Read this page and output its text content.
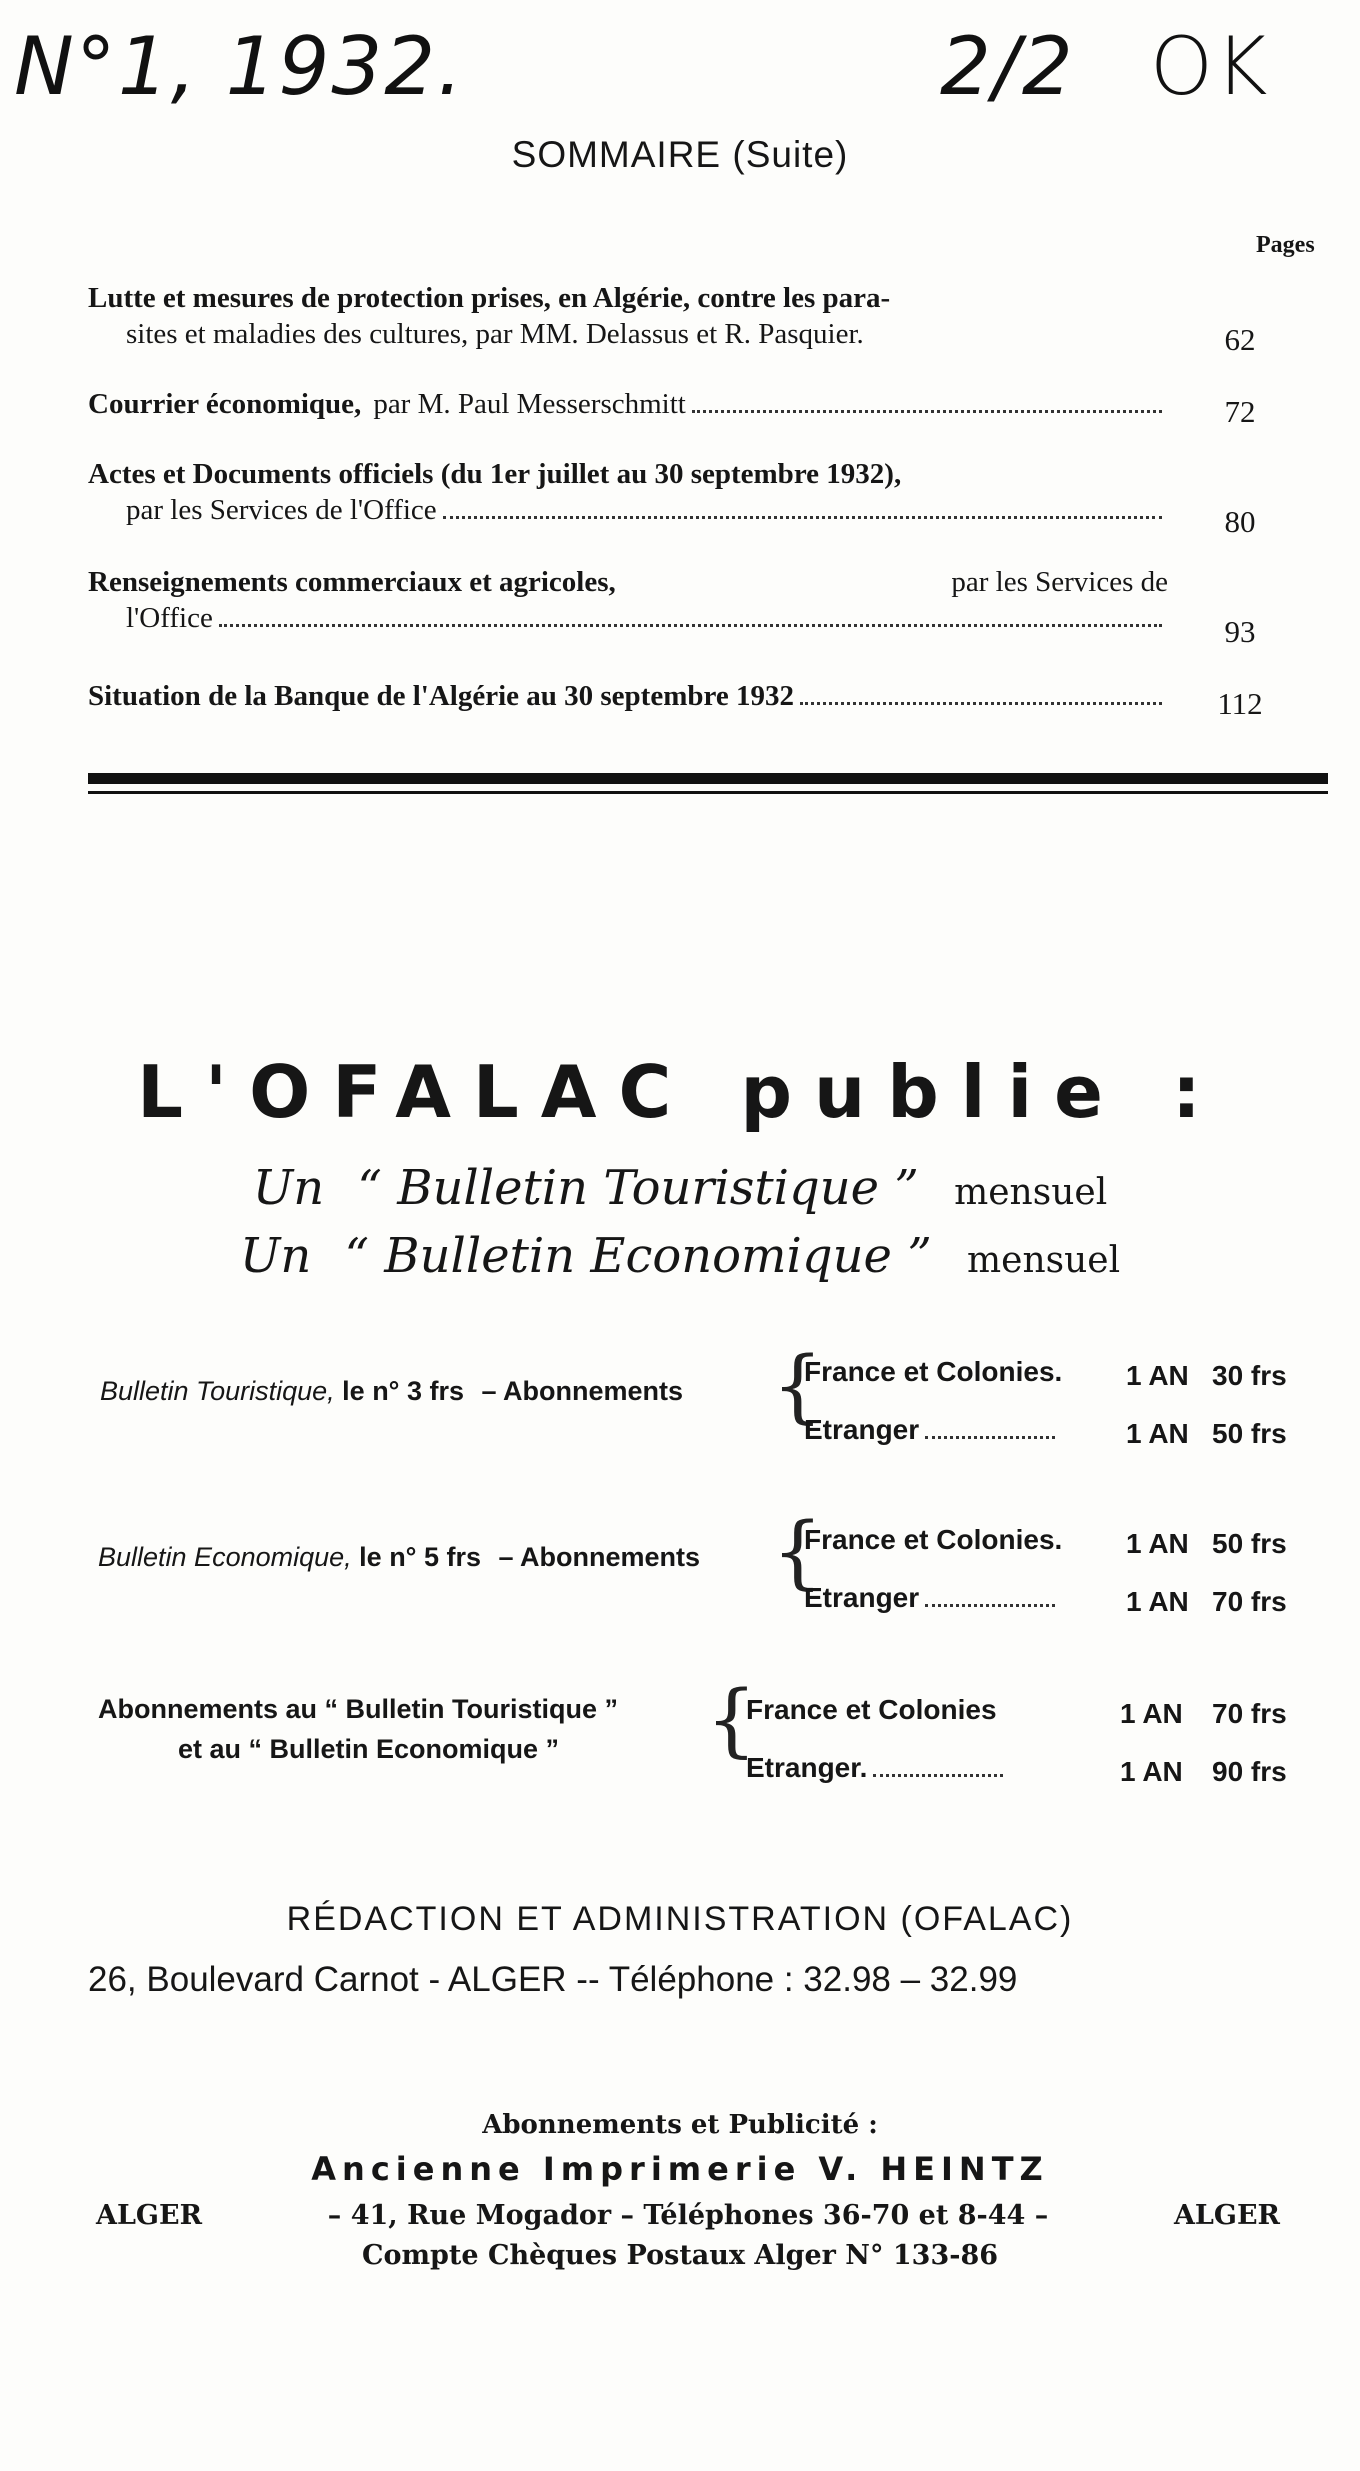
N°1, 1932.	2/2 OK
SOMMAIRE (Suite)
Pages
Lutte et mesures de protection prises, en Algérie, contre les para-
sites et maladies des cultures, par MM. Delassus et R. Pasquier.	62
Courrier économique, par M. Paul Messerschmitt	72
Actes et Documents officiels (du 1er juillet au 30 septembre 1932),
par les Services de l'Office	80
Renseignements commerciaux et agricoles,	par les Services de
l'Office	93
Situation de la Banque de l'Algérie au 30 septembre 1932	112
L'OFALAC publie :
Un “ Bulletin Touristique ” mensuel
Un “ Bulletin Economique ” mensuel
Bulletin Touristique, le n° 3 frs – Abonnements {
France et Colonies. 1 AN 30 frs
Etranger	1 AN 50 frs
Bulletin Economique, le n° 5 frs – Abonnements {
France et Colonies. 1 AN 50 frs
Etranger	1 AN 70 frs
Abonnements au “ Bulletin Touristique ”
et au “ Bulletin Economique ” {
France et Colonies	1 AN 70 frs
Etranger.	1 AN 90 frs
RÉDACTION ET ADMINISTRATION (OFALAC)
26, Boulevard Carnot - ALGER -- Téléphone : 32.98 – 32.99
Abonnements et Publicité :
Ancienne Imprimerie V. HEINTZ
ALGER	– 41, Rue Mogador – Téléphones 36-70 et 8-44 –	ALGER
Compte Chèques Postaux Alger N° 133-86
